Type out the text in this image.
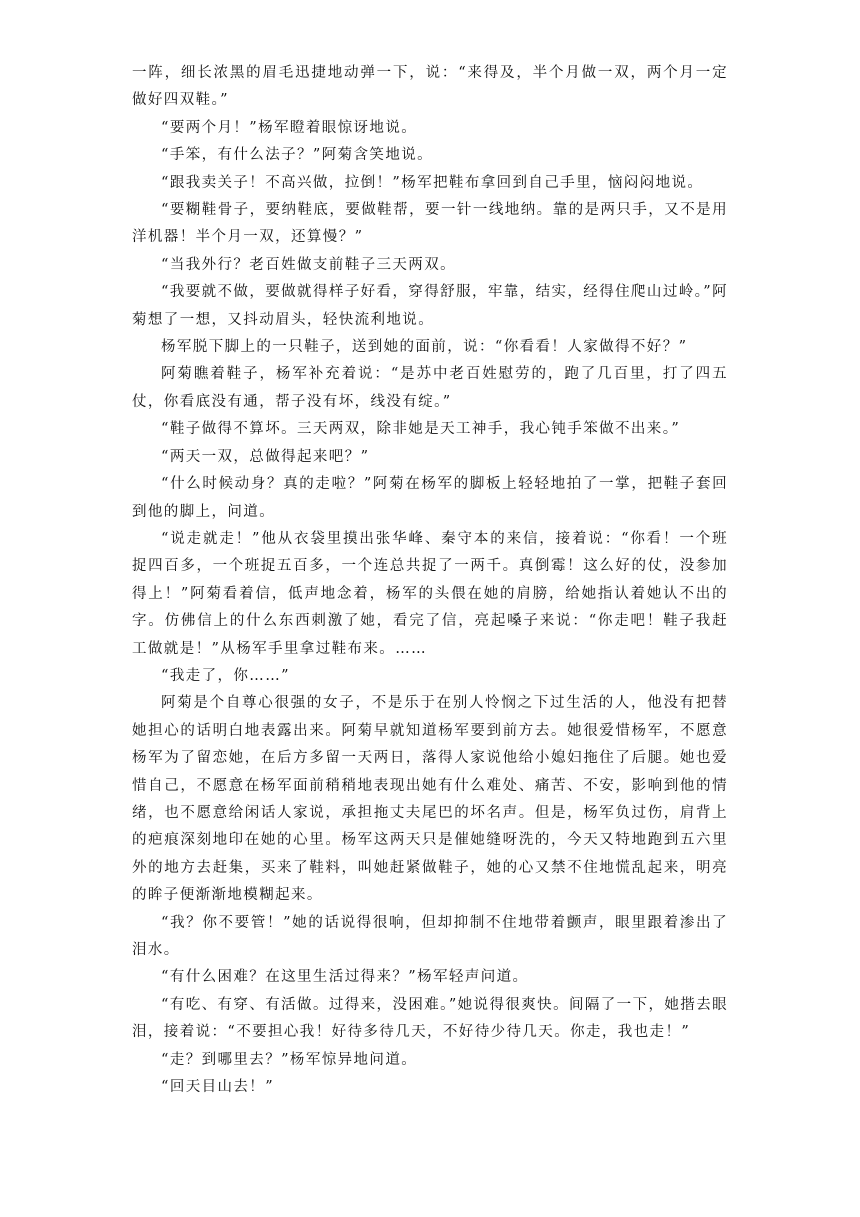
一阵，细长浓黑的眉毛迅捷地动弹一下，说：“来得及，半个月做一双，两个月一定做好四双鞋。”

“要两个月！”杨军瞪着眼惊讶地说。

“手笨，有什么法子？”阿菊含笑地说。

“跟我卖关子！不高兴做，拉倒！”杨军把鞋布拿回到自己手里，恼闷闷地说。

“要糊鞋骨子，要纳鞋底，要做鞋帮，要一针一线地纳。靠的是两只手，又不是用洋机器！半个月一双，还算慢？”

“当我外行？老百姓做支前鞋子三天两双。

“我要就不做，要做就得样子好看，穿得舒服，牢靠，结实，经得住爬山过岭。”阿菊想了一想，又抖动眉头，轻快流利地说。

杨军脱下脚上的一只鞋子，送到她的面前，说：“你看看！人家做得不好？”

阿菊瞧着鞋子，杨军补充着说：“是苏中老百姓慰劳的，跑了几百里，打了四五仗，你看底没有通，帮子没有坏，线没有绽。”

“鞋子做得不算坏。三天两双，除非她是天工神手，我心钝手笨做不出来。”

“两天一双，总做得起来吧？”

“什么时候动身？真的走啦？”阿菊在杨军的脚板上轻轻地拍了一掌，把鞋子套回到他的脚上，问道。

“说走就走！”他从衣袋里摸出张华峰、秦守本的来信，接着说：“你看！一个班捉四百多，一个班捉五百多，一个连总共捉了一两千。真倒霉！这么好的仗，没参加得上！”阿菊看着信，低声地念着，杨军的头偎在她的肩膀，给她指认着她认不出的字。仿佛信上的什么东西刺激了她，看完了信，亮起嗓子来说：“你走吧！鞋子我赶工做就是！”从杨军手里拿过鞋布来。……

“我走了，你……”

阿菊是个自尊心很强的女子，不是乐于在别人怜悯之下过生活的人，他没有把替她担心的话明白地表露出来。阿菊早就知道杨军要到前方去。她很爱惜杨军，不愿意杨军为了留恋她，在后方多留一天两日，落得人家说他给小媳妇拖住了后腿。她也爱惜自己，不愿意在杨军面前稍稍地表现出她有什么难处、痛苦、不安，影响到他的情绪，也不愿意给闲话人家说，承担拖丈夫尾巴的坏名声。但是，杨军负过伤，肩背上的疤痕深刻地印在她的心里。杨军这两天只是催她缝呀洗的，今天又特地跑到五六里外的地方去赶集，买来了鞋料，叫她赶紧做鞋子，她的心又禁不住地慌乱起来，明亮的眸子便渐渐地模糊起来。

“我？你不要管！”她的话说得很响，但却抑制不住地带着颤声，眼里跟着渗出了泪水。

“有什么困难？在这里生活过得来？”杨军轻声问道。

“有吃、有穿、有活做。过得来，没困难。”她说得很爽快。间隔了一下，她揩去眼泪，接着说：“不要担心我！好待多待几天，不好待少待几天。你走，我也走！”

“走？到哪里去？”杨军惊异地问道。

“回天目山去！”
